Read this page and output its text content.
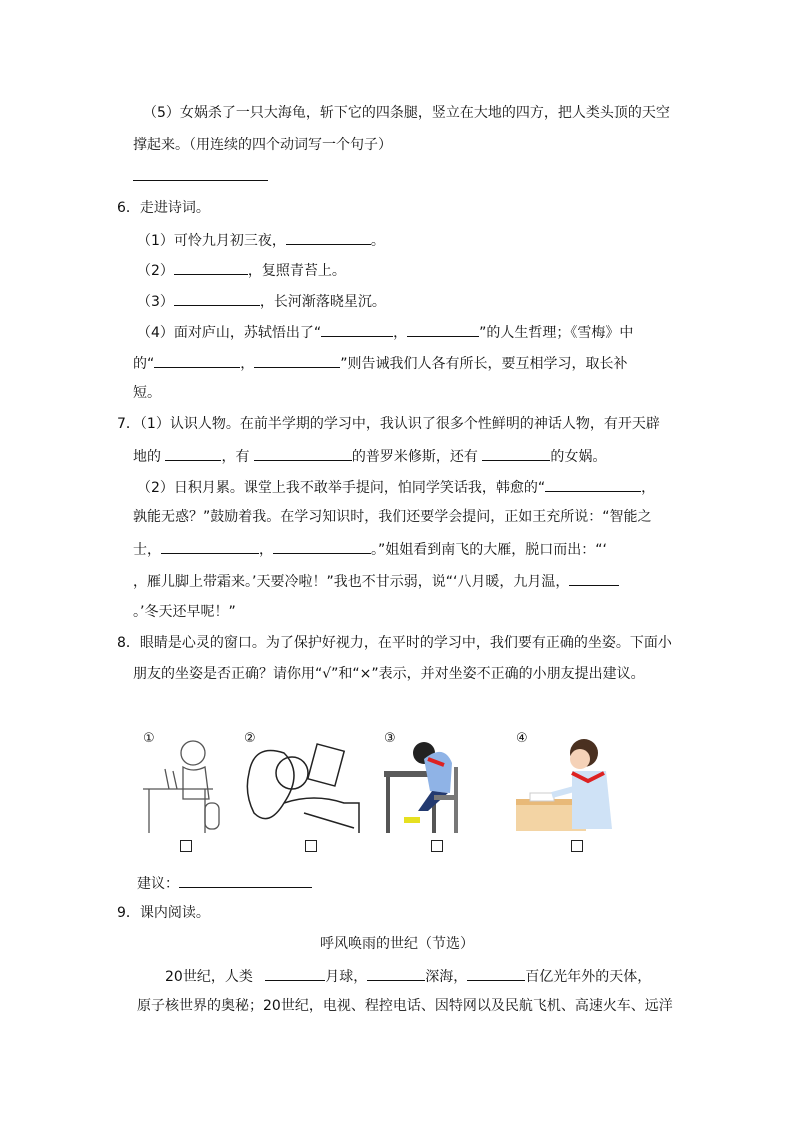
（5）女娲杀了一只大海龟，斩下它的四条腿，竖立在大地的四方，把人类头顶的天空
撑起来。（用连续的四个动词写一个句子）
6．走进诗词。
（1）可怜九月初三夜，	。
（2）	，复照青苔上。
（3）	，长河渐落晓星沉。
（4）面对庐山，苏轼悟出了“	，	”的人生哲理；《雪梅》中
的“	，	”则告诫我们人各有所长，要互相学习，取长补
短。
7．（1）认识人物。在前半学期的学习中，我认识了很多个性鲜明的神话人物，有开天辟
地的	，有	的普罗米修斯，还有	的女娲。
（2）日积月累。课堂上我不敢举手提问，怕同学笑话我，韩愈的“	，
孰能无惑？”鼓励着我。在学习知识时，我们还要学会提问，正如王充所说：“智能之
士，	，	。”姐姐看到南飞的大雁，脱口而出：“‘
，雁儿脚上带霜来。’天要冷啦！”我也不甘示弱，说“‘八月暖，九月温，
。’冬天还早呢！”
8．眼睛是心灵的窗口。为了保护好视力，在平时的学习中，我们要有正确的坐姿。下面小
朋友的坐姿是否正确？请你用“√”和“×”表示，并对坐姿不正确的小朋友提出建议。
①	②	③	④
建议：
9．课内阅读。
呼风唤雨的世纪（节选）
20世纪，人类	月球，	深海，	百亿光年外的天体，
原子核世界的奥秘；20世纪，电视、程控电话、因特网以及民航飞机、高速火车、远洋
